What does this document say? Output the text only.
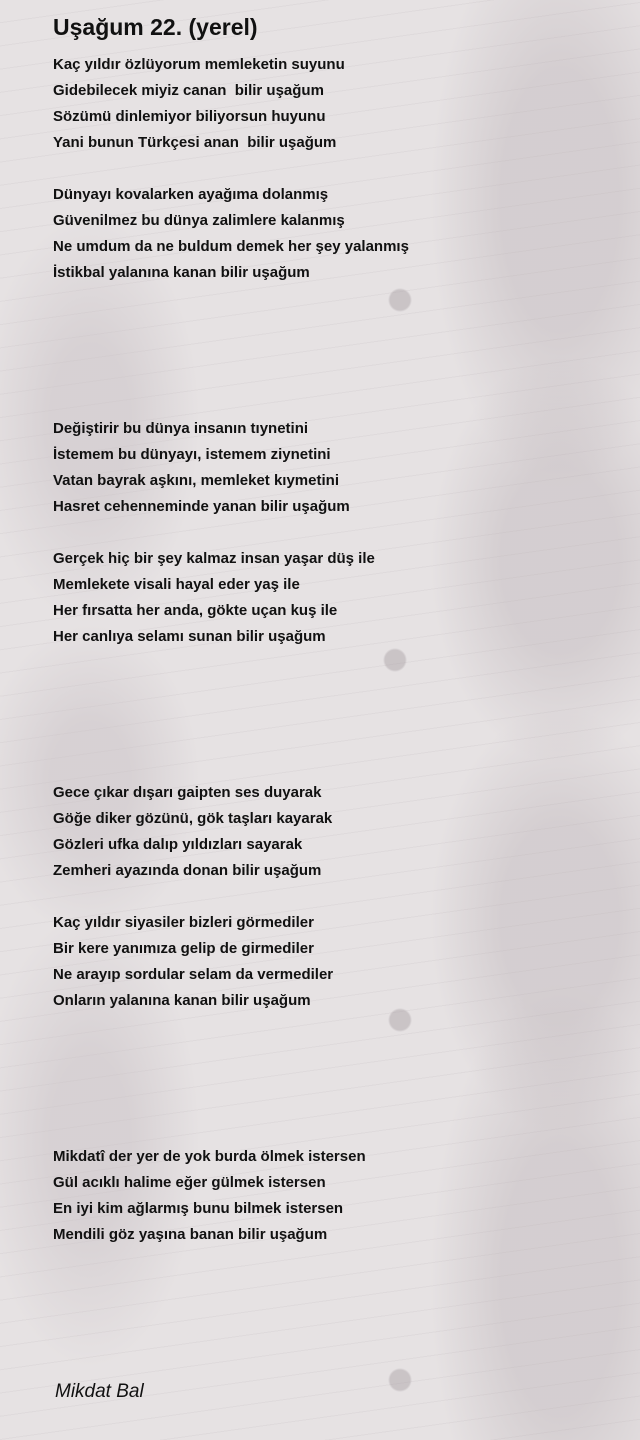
Uşağum 22. (yerel)
Kaç yıldır özlüyorum memleketin suyunu
Gidebilecek miyiz canan  bilir uşağum
Sözümü dinlemiyor biliyorsun huyunu
Yani bunun Türkçesi anan  bilir uşağum
Dünyayı kovalarken ayağıma dolanmış
Güvenilmez bu dünya zalimlere kalanmış
Ne umdum da ne buldum demek her şey yalanmış
İstikbal yalanına kanan bilir uşağum
Değiştirir bu dünya insanın tıynetini
İstemem bu dünyayı, istemem ziynetini
Vatan bayrak aşkını, memleket kıymetini
Hasret cehenneminde yanan bilir uşağum
Gerçek hiç bir şey kalmaz insan yaşar düş ile
Memlekete visali hayal eder yaş ile
Her fırsatta her anda, gökte uçan kuş ile
Her canlıya selamı sunan bilir uşağum
Gece çıkar dışarı gaipten ses duyarak
Göğe diker gözünü, gök taşları kayarak
Gözleri ufka dalıp yıldızları sayarak
Zemheri ayazında donan bilir uşağum
Kaç yıldır siyasiler bizleri görmediler
Bir kere yanımıza gelip de girmediler
Ne arayıp sordular selam da vermediler
Onların yalanına kanan bilir uşağum
Mikdatî der yer de yok burda ölmek istersen
Gül acıklı halime eğer gülmek istersen
En iyi kim ağlarmış bunu bilmek istersen
Mendili göz yaşına banan bilir uşağum
Mikdat Bal
